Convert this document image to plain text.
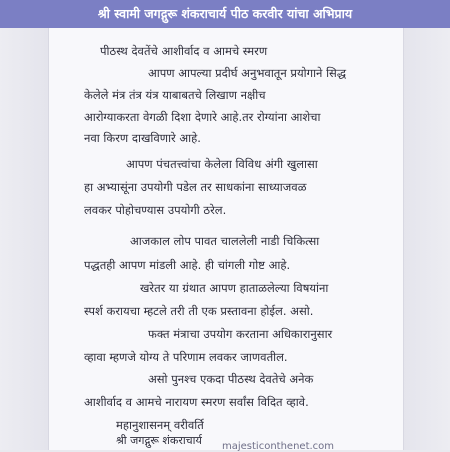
श्री स्वामी जगद्गुरू शंकराचार्य पीठ करवीर यांचा अभिप्राय
पीठस्थ देवतेंचे आशीर्वाद व आमचे स्मरण
आपण आपल्या प्रदीर्घ अनुभवातून प्रयोगाने सिद्ध
केलेले मंत्र तंत्र यंत्र याबाबतचे लिखाण नक्षीच
आरोग्याकरता वेगळी दिशा देणारे आहे.तर रोग्यांना आशेचा
नवा किरण दाखविणारे आहे.
आपण पंचतत्त्वांचा केलेला विविध अंगी खुलासा
हा अभ्यासूंना उपयोगी पडेल तर साधकांना साध्याजवळ
लवकर पोहोचण्यास उपयोगी ठरेल.
आजकाल लोप पावत चाललेली नाडी चिकित्सा
पद्धतही आपण मांडली आहे. ही चांगली गोष्ट आहे.
खरेतर या ग्रंथात आपण हाताळलेल्या विषयांना
स्पर्श करायचा म्हटले तरी ती एक प्रस्तावना होईल. असो.
फक्त मंत्राचा उपयोग करताना अधिकारानुसार
व्हावा म्हणजे योग्य ते परिणाम लवकर जाणवतील.
असो पुनश्च एकदा पीठस्थ देवतेचे अनेक
आशीर्वाद व आमचे नारायण स्मरण सर्वांस विदित व्हावे.
महानुशासनम् वरीवर्ति
श्री जगद्गुरू शंकराचार्य majesticonthenet.com
